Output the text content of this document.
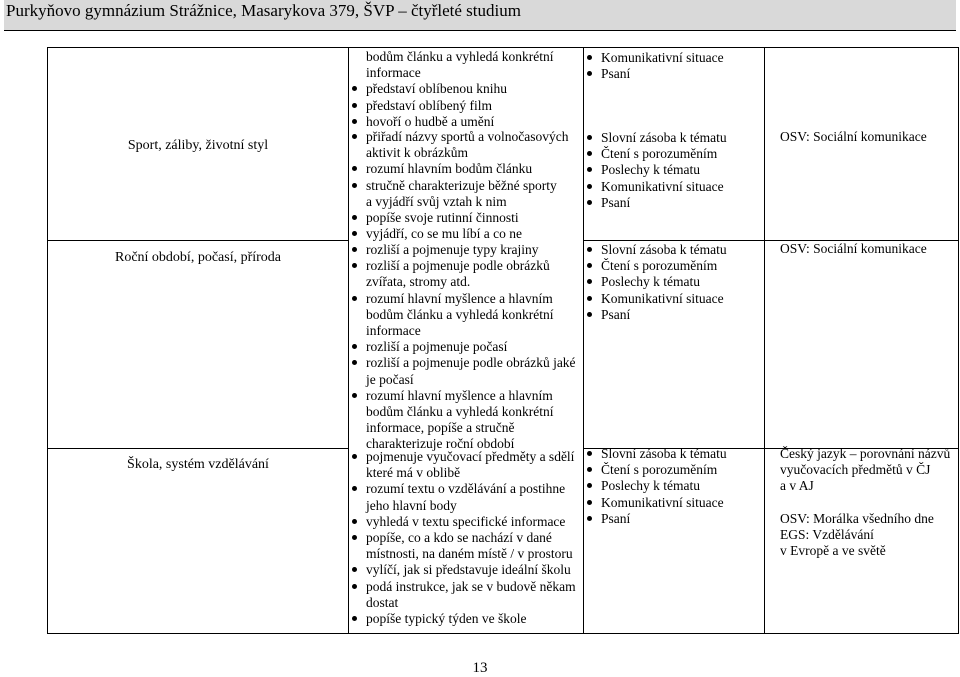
Purkyňovo gymnázium Strážnice, Masarykova 379, ŠVP – čtyřleté studium
bodům článku a vyhledá konkrétní
informace
představí oblíbenou knihu
představí oblíbený film
hovoří o hudbě a umění
Komunikativní situace
Psaní
Sport, záliby, životní styl
přiřadí názvy sportů a volnočasových
aktivit k obrázkům
rozumí hlavním bodům článku
stručně charakterizuje běžné sporty
a vyjádří svůj vztah k nim
popíše svoje rutinní činnosti
vyjádří, co se mu líbí a co ne
Slovní zásoba k tématu
Čtení s porozuměním
Poslechy k tématu
Komunikativní situace
Psaní
OSV: Sociální komunikace
Roční období, počasí, příroda
rozliší a pojmenuje typy krajiny
rozliší a pojmenuje podle obrázků
zvířata, stromy atd.
rozumí hlavní myšlence a hlavním
bodům článku a vyhledá konkrétní
informace
rozliší a pojmenuje počasí
rozliší a pojmenuje podle obrázků jaké
je počasí
rozumí hlavní myšlence a hlavním
bodům článku a vyhledá konkrétní
informace, popíše a stručně
charakterizuje roční období
Slovní zásoba k tématu
Čtení s porozuměním
Poslechy k tématu
Komunikativní situace
Psaní
OSV: Sociální komunikace
Škola, systém vzdělávání
pojmenuje vyučovací předměty a sdělí
které má v oblibě
rozumí textu o vzdělávání a postihne
jeho hlavní body
vyhledá v textu specifické informace
popíše, co a kdo se nachází v dané
místnosti, na daném místě / v prostoru
vylíčí, jak si představuje ideální školu
podá instrukce, jak se v budově někam
dostat
popíše typický týden ve škole
Slovní zásoba k tématu
Čtení s porozuměním
Poslechy k tématu
Komunikativní situace
Psaní
Český jazyk – porovnání názvů
vyučovacích předmětů v ČJ
a v AJ
OSV: Morálka všedního dne
EGS: Vzdělávání
v Evropě a ve světě
13
